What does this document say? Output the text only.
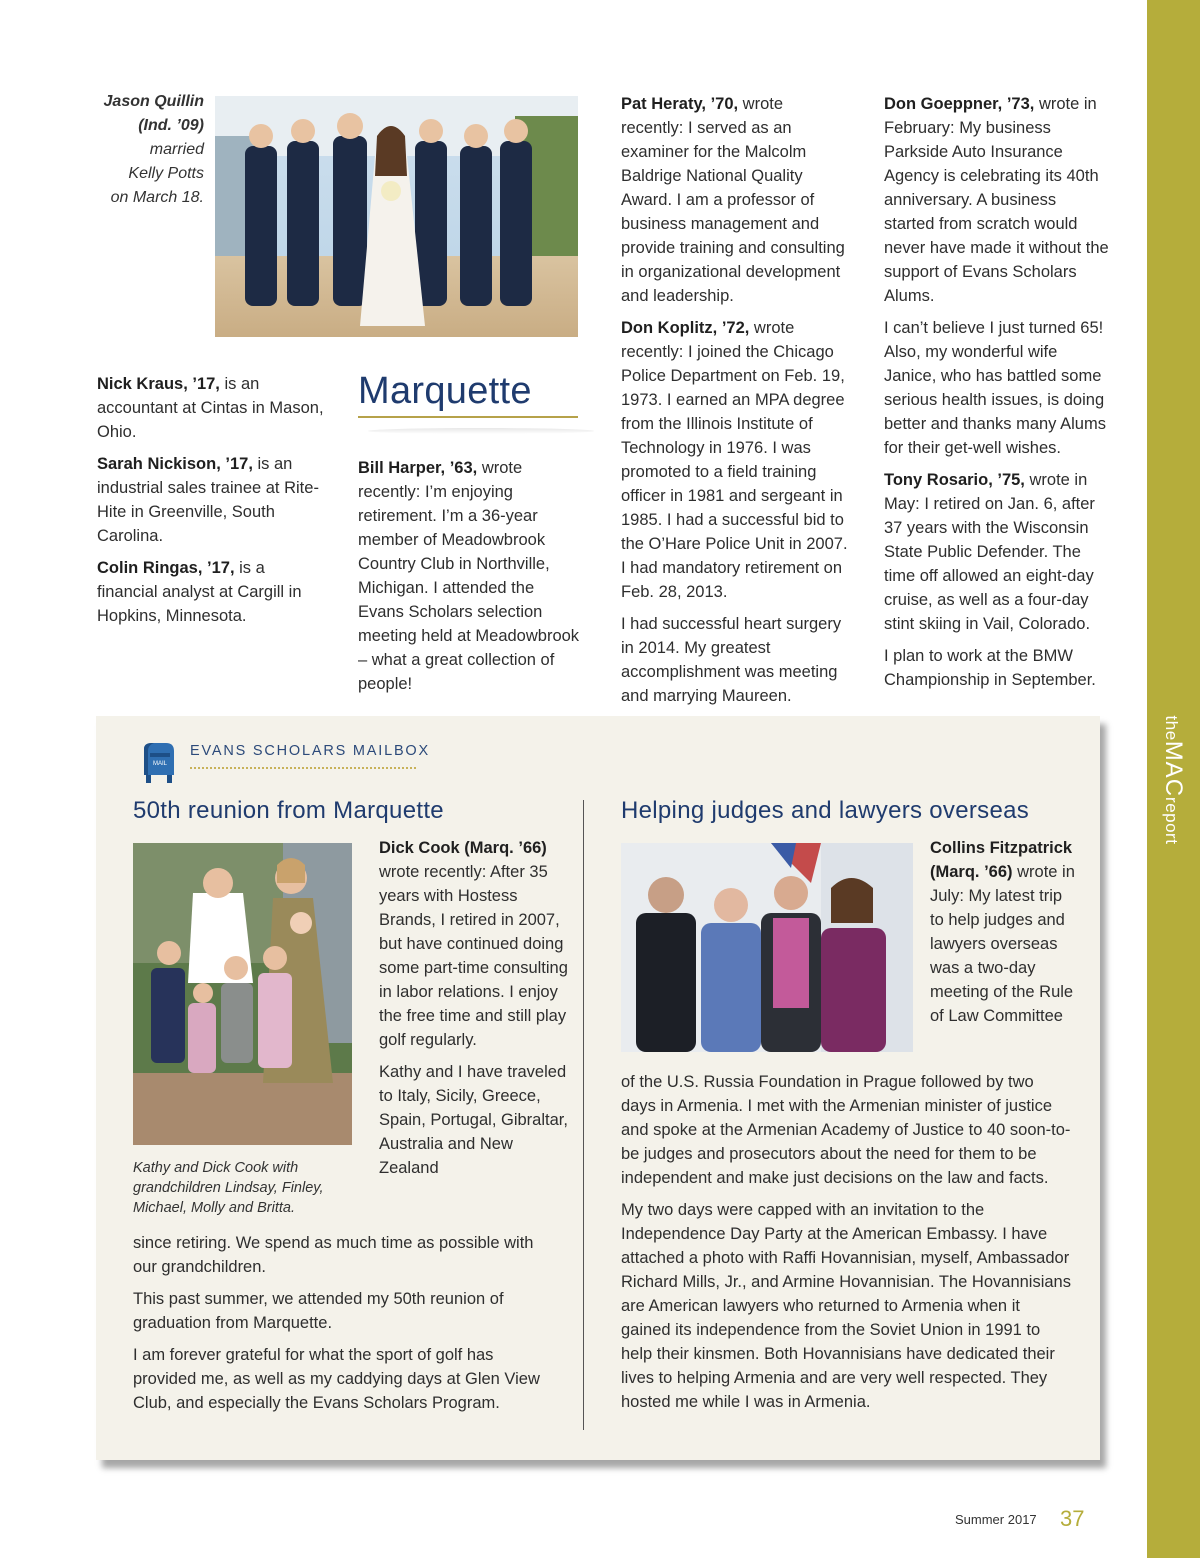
theMACreport
Jason Quillin
(Ind. ’09)
married
Kelly Potts
on March 18.

Nick Kraus, ’17, is an accountant at Cintas in Mason, Ohio.

Sarah Nickison, ’17, is an industrial sales trainee at Rite-Hite in Greenville, South Carolina.

Colin Ringas, ’17, is a financial analyst at Cargill in Hopkins, Minnesota.

Marquette

Bill Harper, ’63, wrote recently: I’m enjoying retirement. I’m a 36-year member of Meadowbrook Country Club in Northville, Michigan. I attended the Evans Scholars selection meeting held at Meadowbrook – what a great collection of people!

Pat Heraty, ’70, wrote recently: I served as an examiner for the Malcolm Baldrige National Quality Award. I am a professor of business management and provide training and consulting in organizational development and leadership.

Don Koplitz, ’72, wrote recently: I joined the Chicago Police Department on Feb. 19, 1973. I earned an MPA degree from the Illinois Institute of Technology in 1976. I was promoted to a field training officer in 1981 and sergeant in 1985. I had a successful bid to the O’Hare Police Unit in 2007. I had mandatory retirement on Feb. 28, 2013.

I had successful heart surgery in 2014. My greatest accomplishment was meeting and marrying Maureen.

Don Goeppner, ’73, wrote in February: My business Parkside Auto Insurance Agency is celebrating its 40th anniversary. A business started from scratch would never have made it without the support of Evans Scholars Alums.

I can’t believe I just turned 65! Also, my wonderful wife Janice, who has battled some serious health issues, is doing better and thanks many Alums for their get-well wishes.

Tony Rosario, ’75, wrote in May: I retired on Jan. 6, after 37 years with the Wisconsin State Public Defender. The time off allowed an eight-day cruise, as well as a four-day stint skiing in Vail, Colorado.

I plan to work at the BMW Championship in September.

MAIL
EVANS SCHOLARS MAILBOX
50th reunion from Marquette
Kathy and Dick Cook with grandchildren Lindsay, Finley, Michael, Molly and Britta.

Dick Cook (Marq. ’66) wrote recently: After 35 years with Hostess Brands, I retired in 2007, but have continued doing some part-time consulting in labor relations. I enjoy the free time and still play golf regularly.

Kathy and I have traveled to Italy, Sicily, Greece, Spain, Portugal, Gibraltar, Australia and New Zealand

since retiring. We spend as much time as possible with our grandchildren.

This past summer, we attended my 50th reunion of graduation from Marquette.

I am forever grateful for what the sport of golf has provided me, as well as my caddying days at Glen View Club, and especially the Evans Scholars Program.

Helping judges and lawyers overseas

Collins Fitzpatrick (Marq. ’66) wrote in July: My latest trip to help judges and lawyers overseas was a two-day meeting of the Rule of Law Committee

of the U.S. Russia Foundation in Prague followed by two days in Armenia. I met with the Armenian minister of justice and spoke at the Armenian Academy of Justice to 40 soon-to-be judges and prosecutors about the need for them to be independent and make just decisions on the law and facts.

My two days were capped with an invitation to the Independence Day Party at the American Embassy. I have attached a photo with Raffi Hovannisian, myself, Ambassador Richard Mills, Jr., and Armine Hovannisian. The Hovannisians are American lawyers who returned to Armenia when it gained its independence from the Soviet Union in 1991 to help their kinsmen. Both Hovannisians have dedicated their lives to helping Armenia and are very well respected. They hosted me while I was in Armenia.

Summer 2017 37
